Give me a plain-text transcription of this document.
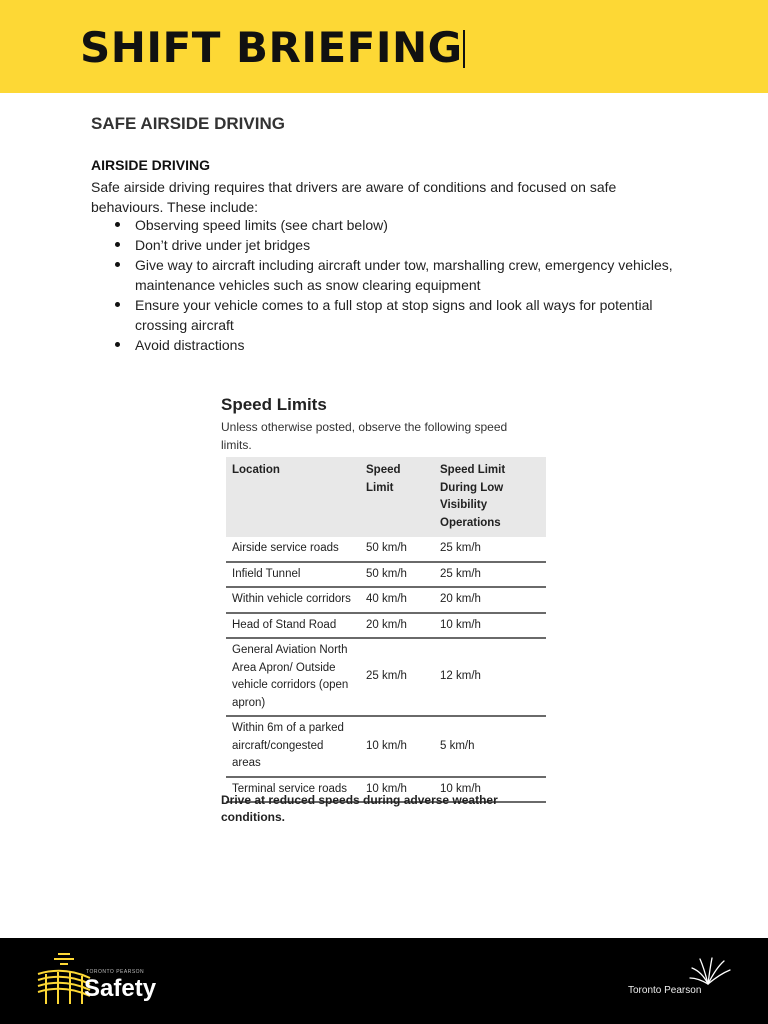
SHIFT BRIEFING
SAFE AIRSIDE DRIVING
AIRSIDE DRIVING
Safe airside driving requires that drivers are aware of conditions and focused on safe behaviours. These include:
Observing speed limits (see chart below)
Don’t drive under jet bridges
Give way to aircraft including aircraft under tow, marshalling crew, emergency vehicles, maintenance vehicles such as snow clearing equipment
Ensure your vehicle comes to a full stop at stop signs and look all ways for potential crossing aircraft
Avoid distractions
Speed Limits
Unless otherwise posted, observe the following speed limits.
Location	Speed Limit	Speed Limit During Low Visibility Operations
Airside service roads	50 km/h	25 km/h
Infield Tunnel	50 km/h	25 km/h
Within vehicle corridors	40 km/h	20 km/h
Head of Stand Road	20 km/h	10 km/h
General Aviation North Area Apron/ Outside vehicle corridors (open apron)	25 km/h	12 km/h
Within 6m of a parked aircraft/congested areas	10 km/h	5 km/h
Terminal service roads	10 km/h	10 km/h
Drive at reduced speeds during adverse weather conditions.
TORONTO PEARSON
Safety	Toronto Pearson
